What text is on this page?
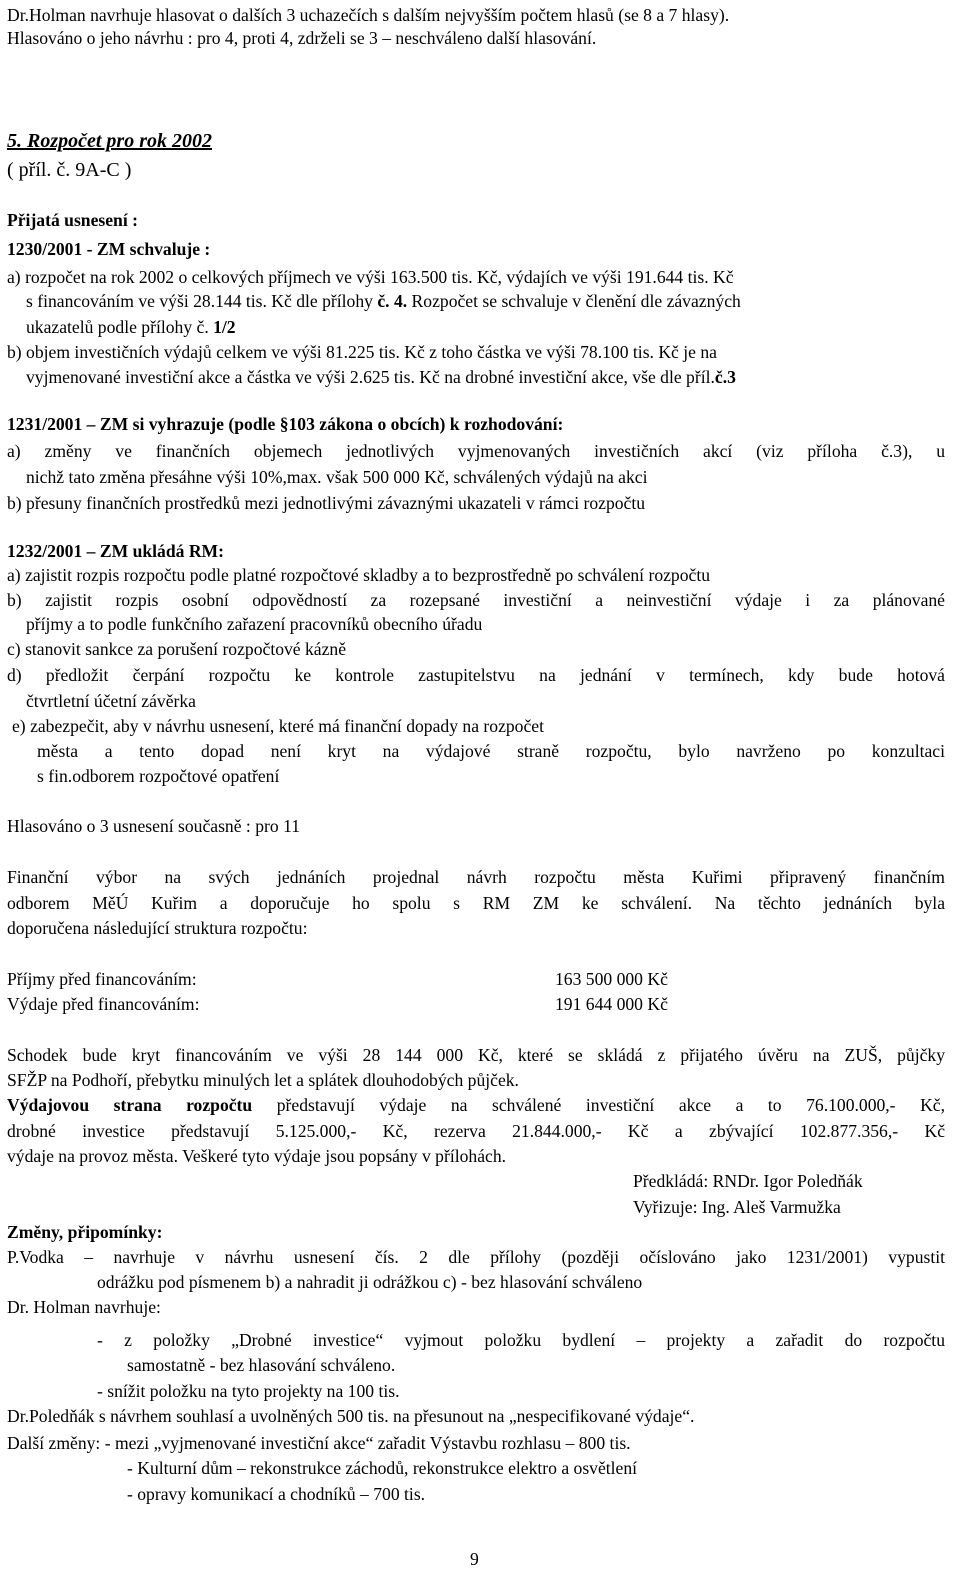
Dr.Holman navrhuje hlasovat o dalších 3 uchazečích s dalším nejvyšším počtem hlasů (se 8 a 7 hlasy).
Hlasováno o jeho návrhu : pro 4, proti 4, zdrželi se 3 – neschváleno další hlasování.
5. Rozpočet pro rok 2002
( příl. č. 9A-C )
Přijatá usnesení :
1230/2001 - ZM schvaluje :
a) rozpočet na rok 2002 o celkových příjmech ve výši 163.500 tis. Kč, výdajích ve výši 191.644 tis. Kč
s financováním ve výši 28.144 tis. Kč dle přílohy č. 4. Rozpočet se schvaluje v členění dle závazných
ukazatelů podle přílohy č. 1/2
b) objem investičních výdajů celkem ve výši 81.225 tis. Kč z toho částka ve výši 78.100 tis. Kč je na
vyjmenované investiční akce a částka ve výši 2.625 tis. Kč na drobné investiční akce, vše dle příl.č.3
1231/2001 – ZM si vyhrazuje (podle §103 zákona o obcích) k rozhodování:
a) změny ve finančních objemech jednotlivých vyjmenovaných investičních akcí (viz příloha č.3), u
nichž tato změna přesáhne výši 10%,max. však 500 000 Kč, schválených výdajů na akci
b) přesuny finančních prostředků mezi jednotlivými závaznými ukazateli v rámci rozpočtu
1232/2001 – ZM ukládá RM:
a) zajistit rozpis rozpočtu podle platné rozpočtové skladby a to bezprostředně po schválení rozpočtu
b) zajistit rozpis osobní odpovědností za rozepsané investiční a neinvestiční výdaje i za plánované
příjmy a to podle funkčního zařazení pracovníků obecního úřadu
c) stanovit sankce za porušení rozpočtové kázně
d) předložit čerpání rozpočtu ke kontrole zastupitelstvu na jednání v termínech, kdy bude hotová
čtvrtletní účetní závěrka
e) zabezpečit, aby v návrhu usnesení, které má finanční dopady na rozpočet
města a tento dopad není kryt na výdajové straně rozpočtu, bylo navrženo po konzultaci
s fin.odborem rozpočtové opatření
Hlasováno o 3 usnesení současně : pro 11
Finanční výbor na svých jednáních projednal návrh rozpočtu města Kuřimi připravený finančním
odborem MěÚ Kuřim a doporučuje ho spolu s RM ZM ke schválení. Na těchto jednáních byla
doporučena následující struktura rozpočtu:
Příjmy před financováním:	163 500 000 Kč
Výdaje před financováním:	191 644 000 Kč
Schodek bude kryt financováním ve výši 28 144 000 Kč, které se skládá z přijatého úvěru na ZUŠ, půjčky
SFŽP na Podhoří, přebytku minulých let a splátek dlouhodobých půjček.
Výdajovou strana rozpočtu představují výdaje na schválené investiční akce a to 76.100.000,- Kč,
drobné investice představují 5.125.000,- Kč, rezerva 21.844.000,- Kč a zbývající 102.877.356,- Kč
výdaje na provoz města. Veškeré tyto výdaje jsou popsány v přílohách.
Předkládá: RNDr. Igor Poledňák
Vyřizuje: Ing. Aleš Varmužka
Změny, připomínky:
P.Vodka – navrhuje v návrhu usnesení čís. 2 dle přílohy (později očíslováno jako 1231/2001) vypustit
odrážku pod písmenem b) a nahradit ji odrážkou c) - bez hlasování schváleno
Dr. Holman navrhuje:
- z položky „Drobné investice“ vyjmout položku bydlení – projekty a zařadit do rozpočtu
samostatně - bez hlasování schváleno.
- snížit položku na tyto projekty na 100 tis.
Dr.Poledňák s návrhem souhlasí a uvolněných 500 tis. na přesunout na „nespecifikované výdaje“.
Další změny: - mezi „vyjmenované investiční akce“ zařadit Výstavbu rozhlasu – 800 tis.
- Kulturní dům – rekonstrukce záchodů, rekonstrukce elektro a osvětlení
- opravy komunikací a chodníků – 700 tis.
9
